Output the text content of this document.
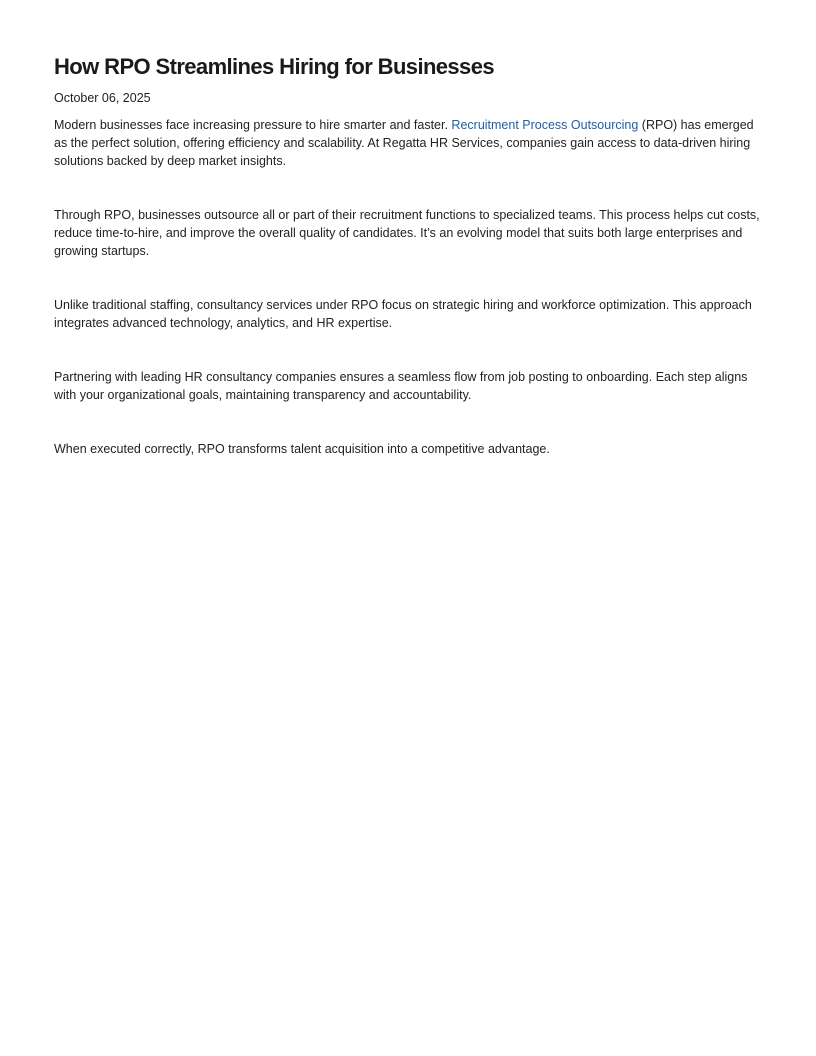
How RPO Streamlines Hiring for Businesses
October 06, 2025

Modern businesses face increasing pressure to hire smarter and faster. Recruitment Process Outsourcing (RPO) has emerged as the perfect solution, offering efficiency and scalability. At Regatta HR Services, companies gain access to data-driven hiring solutions backed by deep market insights.

Through RPO, businesses outsource all or part of their recruitment functions to specialized teams. This process helps cut costs, reduce time-to-hire, and improve the overall quality of candidates. It’s an evolving model that suits both large enterprises and growing startups.

Unlike traditional staffing, consultancy services under RPO focus on strategic hiring and workforce optimization. This approach integrates advanced technology, analytics, and HR expertise.

Partnering with leading HR consultancy companies ensures a seamless flow from job posting to onboarding. Each step aligns with your organizational goals, maintaining transparency and accountability.

When executed correctly, RPO transforms talent acquisition into a competitive advantage.
